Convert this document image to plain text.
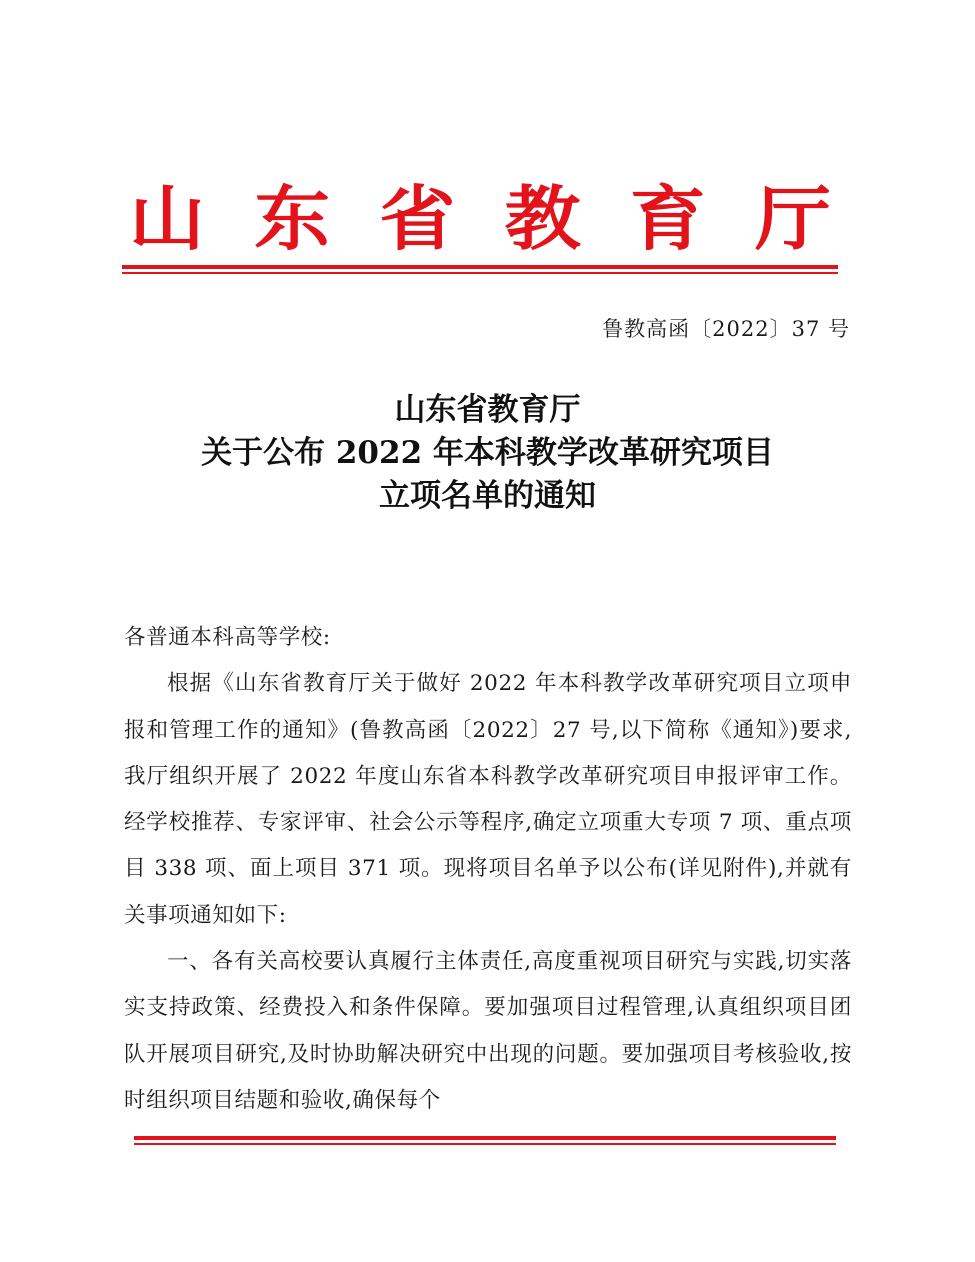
山 东 省 教 育 厅
鲁教高函〔2022〕37 号
山东省教育厅
关于公布 2022 年本科教学改革研究项目
立项名单的通知

各普通本科高等学校:

根据《山东省教育厅关于做好 2022 年本科教学改革研究项目立项申报和管理工作的通知》(鲁教高函〔2022〕27 号,以下简称《通知》)要求,我厅组织开展了 2022 年度山东省本科教学改革研究项目申报评审工作。经学校推荐、专家评审、社会公示等程序,确定立项重大专项 7 项、重点项目 338 项、面上项目 371 项。现将项目名单予以公布(详见附件),并就有关事项通知如下:

一、各有关高校要认真履行主体责任,高度重视项目研究与实践,切实落实支持政策、经费投入和条件保障。要加强项目过程管理,认真组织项目团队开展项目研究,及时协助解决研究中出现的问题。要加强项目考核验收,按时组织项目结题和验收,确保每个
